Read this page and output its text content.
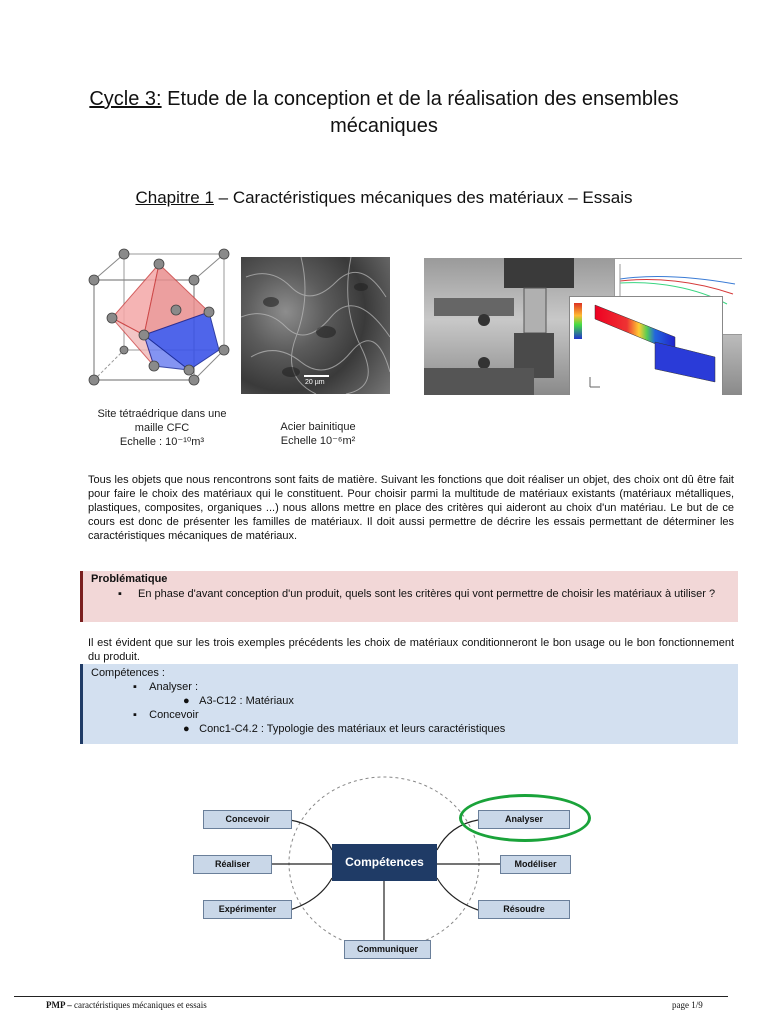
Cycle 3: Etude de la conception et de la réalisation des ensembles
mécaniques
Chapitre 1 – Caractéristiques mécaniques des matériaux – Essais
Site tétraédrique dans une
maille CFC
Echelle : 10⁻¹⁰m³
20 µm
Acier bainitique
Echelle 10⁻⁶m²
Tous les objets que nous rencontrons sont faits de matière. Suivant les fonctions que doit réaliser un objet, des choix ont dû être fait pour faire le choix des matériaux qui le constituent. Pour choisir parmi la multitude de matériaux existants (matériaux métalliques, plastiques, composites, organiques ...) nous allons mettre en place des critères qui aideront au choix d'un matériau. Le but de ce cours est donc de présenter les familles de matériaux. Il doit aussi permettre de décrire les essais permettant de déterminer les caractéristiques mécaniques de matériaux.
Problématique
▪	En phase d'avant conception d'un produit, quels sont les critères qui vont permettre de choisir les matériaux à utiliser ?
Il est évident que sur les trois exemples précédents les choix de matériaux conditionneront le bon usage ou le bon fonctionnement du produit.
Compétences :
▪ Analyser :
● A3-C12 : Matériaux
▪ Concevoir
● Conc1-C4.2 : Typologie des matériaux et leurs caractéristiques
Concevoir	Analyser
Réaliser	Modéliser
Expérimenter	Résoudre
Communiquer
Compétences
PMP – caractéristiques mécaniques et essais	page 1/9
